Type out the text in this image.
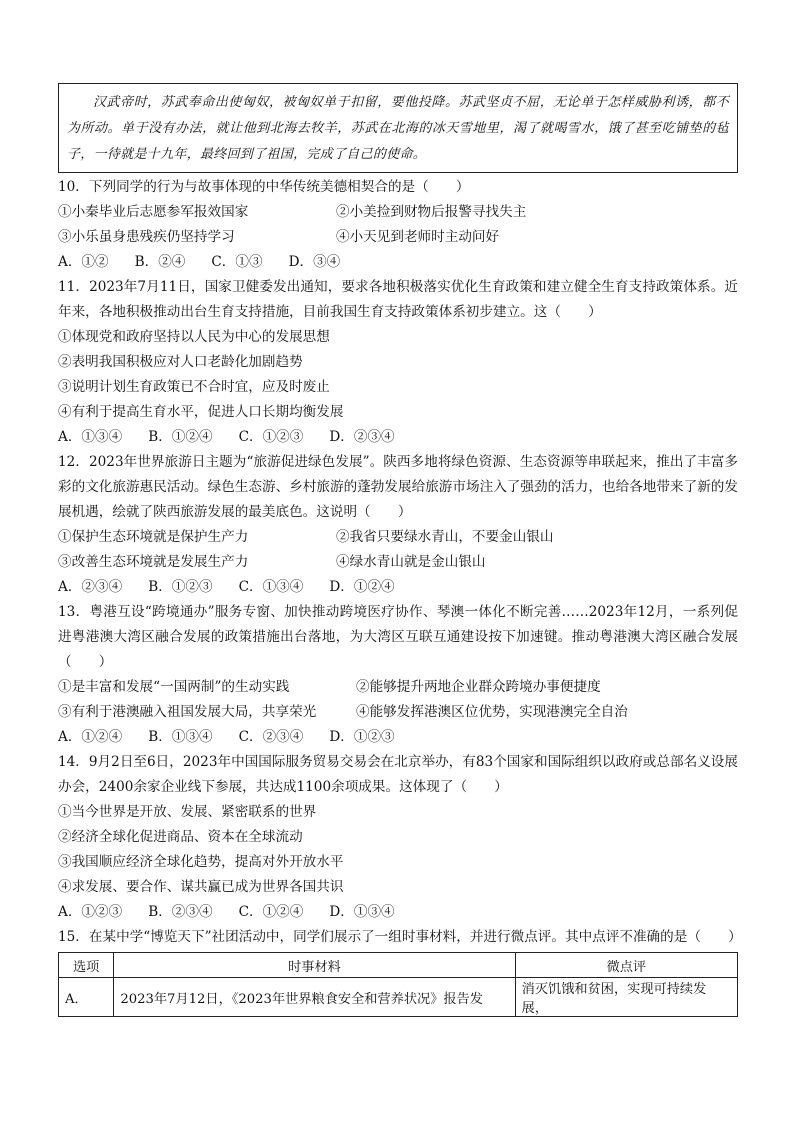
汉武帝时，苏武奉命出使匈奴，被匈奴单于扣留，要他投降。苏武坚贞不屈，无论单于怎样威胁利诱，都不为所动。单于没有办法，就让他到北海去牧羊，苏武在北海的冰天雪地里，渴了就喝雪水，饿了甚至吃铺垫的毡子，一待就是十九年，最终回到了祖国，完成了自己的使命。

10．下列同学的行为与故事体现的中华传统美德相契合的是（　　）

①小秦毕业后志愿参军报效国家	②小美捡到财物后报警寻找失主
③小乐虽身患残疾仍坚持学习	④小天见到老师时主动问好
A．①② B．②④ C．①③ D．③④

11．2023年7月11日，国家卫健委发出通知，要求各地积极落实优化生育政策和建立健全生育支持政策体系。近年来，各地积极推动出台生育支持措施，目前我国生育支持政策体系初步建立。这（　　）

①体现党和政府坚持以人民为中心的发展思想

②表明我国积极应对人口老龄化加剧趋势

③说明计划生育政策已不合时宜，应及时废止

④有利于提高生育水平，促进人口长期均衡发展

A．①③④ B．①②④ C．①②③ D．②③④

12．2023年世界旅游日主题为“旅游促进绿色发展”。陕西多地将绿色资源、生态资源等串联起来，推出了丰富多彩的文化旅游惠民活动。绿色生态游、乡村旅游的蓬勃发展给旅游市场注入了强劲的活力，也给各地带来了新的发展机遇，绘就了陕西旅游发展的最美底色。这说明（　　）

①保护生态环境就是保护生产力	②我省只要绿水青山，不要金山银山
③改善生态环境就是发展生产力	④绿水青山就是金山银山
A．②③④ B．①②③ C．①③④ D．①②④

13．粤港互设“跨境通办”服务专窗、加快推动跨境医疗协作、琴澳一体化不断完善……2023年12月，一系列促进粤港澳大湾区融合发展的政策措施出台落地，为大湾区互联互通建设按下加速键。推动粤港澳大湾区融合发展（　　）

①是丰富和发展“一国两制”的生动实践	②能够提升两地企业群众跨境办事便捷度
③有利于港澳融入祖国发展大局，共享荣光	④能够发挥港澳区位优势，实现港澳完全自治
A．①②④ B．①③④ C．②③④ D．①②③

14．9月2日至6日，2023年中国国际服务贸易交易会在北京举办，有83个国家和国际组织以政府或总部名义设展办会，2400余家企业线下参展，共达成1100余项成果。这体现了（　　）

①当今世界是开放、发展、紧密联系的世界

②经济全球化促进商品、资本在全球流动

③我国顺应经济全球化趋势，提高对外开放水平

④求发展、要合作、谋共赢已成为世界各国共识

A．①②③ B．②③④ C．①②④ D．①③④

15．在某中学“博览天下”社团活动中，同学们展示了一组时事材料，并进行微点评。其中点评不准确的是（　　）

选项	时事材料	微点评
A．	2023年7月12日，《2023年世界粮食安全和营养状况》报告发	消灭饥饿和贫困，实现可持续发展，
